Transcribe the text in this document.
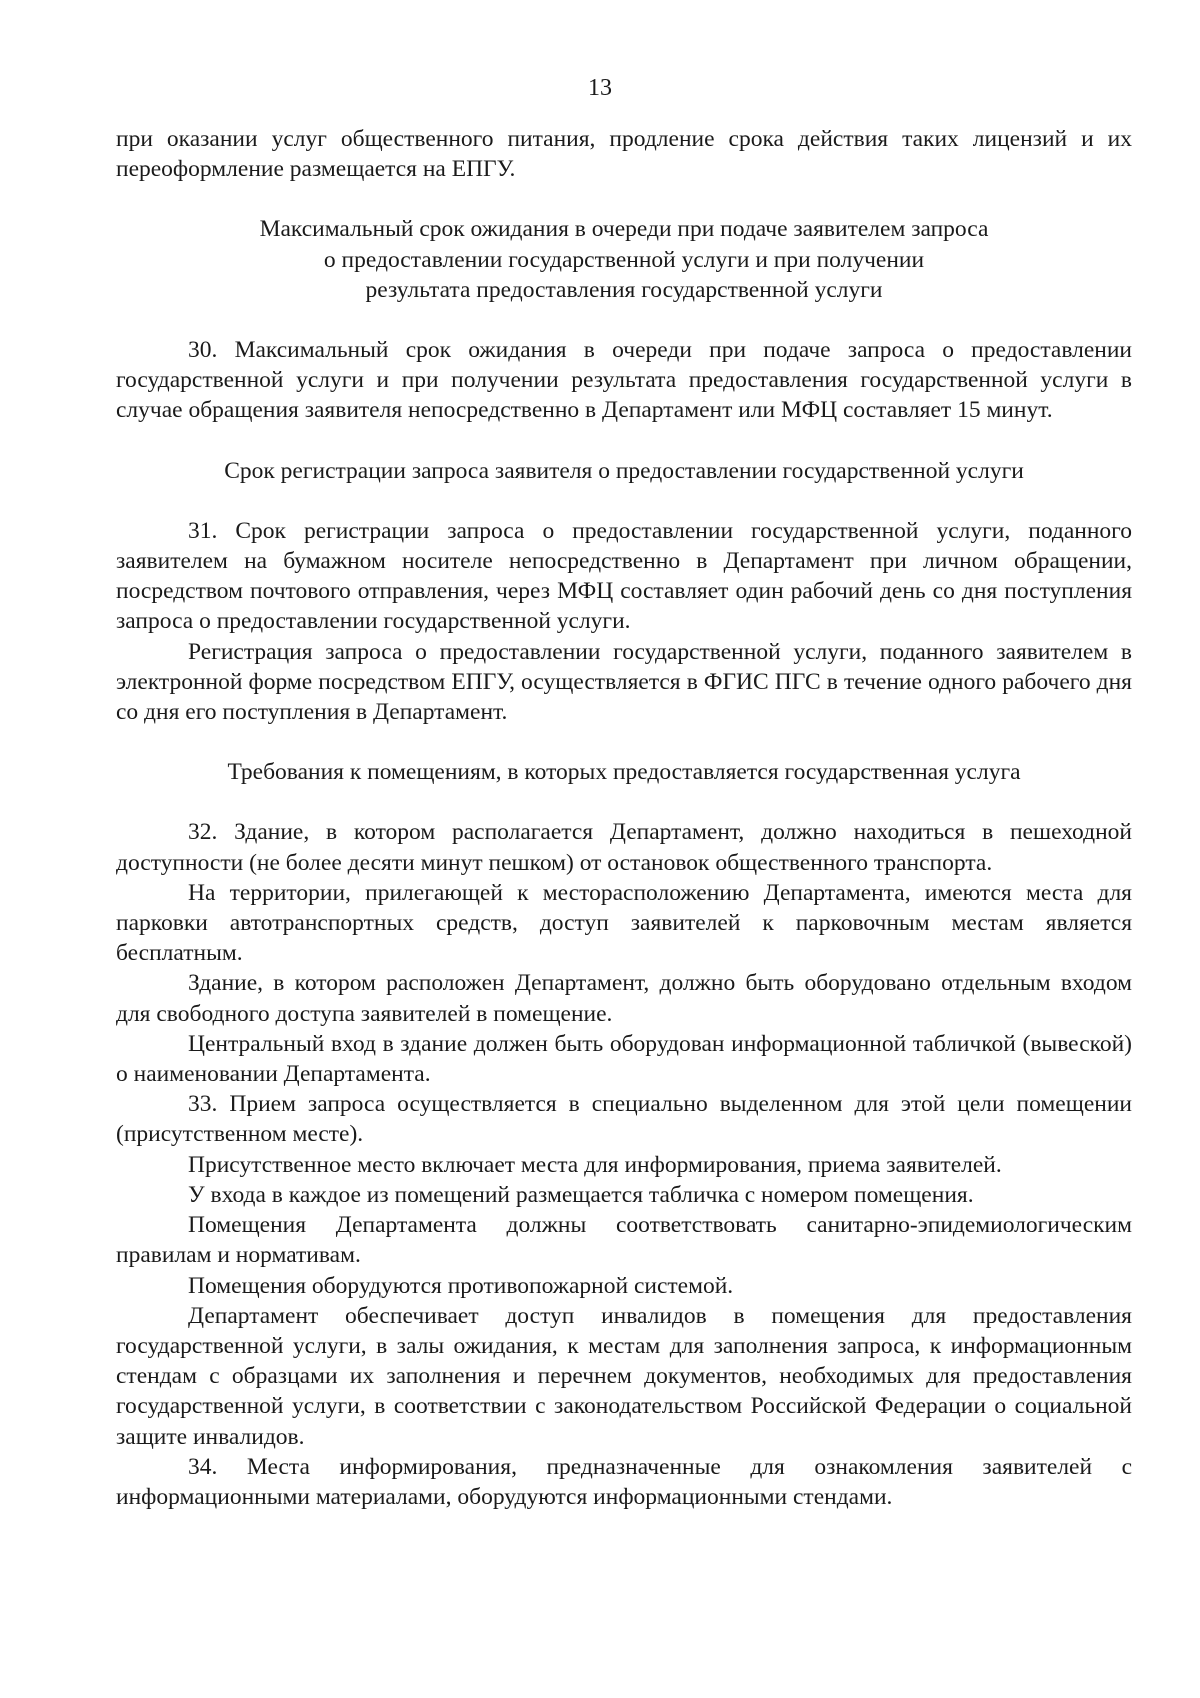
13

при оказании услуг общественного питания, продление срока действия таких лицензий и их переоформление размещается на ЕПГУ.

Максимальный срок ожидания в очереди при подаче заявителем запроса
о предоставлении государственной услуги и при получении
результата предоставления государственной услуги

30. Максимальный срок ожидания в очереди при подаче запроса о предоставлении государственной услуги и при получении результата предоставления государственной услуги в случае обращения заявителя непосредственно в Департамент или МФЦ составляет 15 минут.

Срок регистрации запроса заявителя о предоставлении государственной услуги

31. Срок регистрации запроса о предоставлении государственной услуги, поданного заявителем на бумажном носителе непосредственно в Департамент при личном обращении, посредством почтового отправления, через МФЦ составляет один рабочий день со дня поступления запроса о предоставлении государственной услуги.

Регистрация запроса о предоставлении государственной услуги, поданного заявителем в электронной форме посредством ЕПГУ, осуществляется в ФГИС ПГС в течение одного рабочего дня со дня его поступления в Департамент.

Требования к помещениям, в которых предоставляется государственная услуга

32. Здание, в котором располагается Департамент, должно находиться в пешеходной доступности (не более десяти минут пешком) от остановок общественного транспорта.

На территории, прилегающей к месторасположению Департамента, имеются места для парковки автотранспортных средств, доступ заявителей к парковочным местам является бесплатным.

Здание, в котором расположен Департамент, должно быть оборудовано отдельным входом для свободного доступа заявителей в помещение.

Центральный вход в здание должен быть оборудован информационной табличкой (вывеской) о наименовании Департамента.

33. Прием запроса осуществляется в специально выделенном для этой цели помещении (присутственном месте).

Присутственное место включает места для информирования, приема заявителей.

У входа в каждое из помещений размещается табличка с номером помещения.

Помещения Департамента должны соответствовать санитарно-эпидемиологическим правилам и нормативам.

Помещения оборудуются противопожарной системой.

Департамент обеспечивает доступ инвалидов в помещения для предоставления государственной услуги, в залы ожидания, к местам для заполнения запроса, к информационным стендам с образцами их заполнения и перечнем документов, необходимых для предоставления государственной услуги, в соответствии с законодательством Российской Федерации о социальной защите инвалидов.

34. Места информирования, предназначенные для ознакомления заявителей с информационными материалами, оборудуются информационными стендами.
